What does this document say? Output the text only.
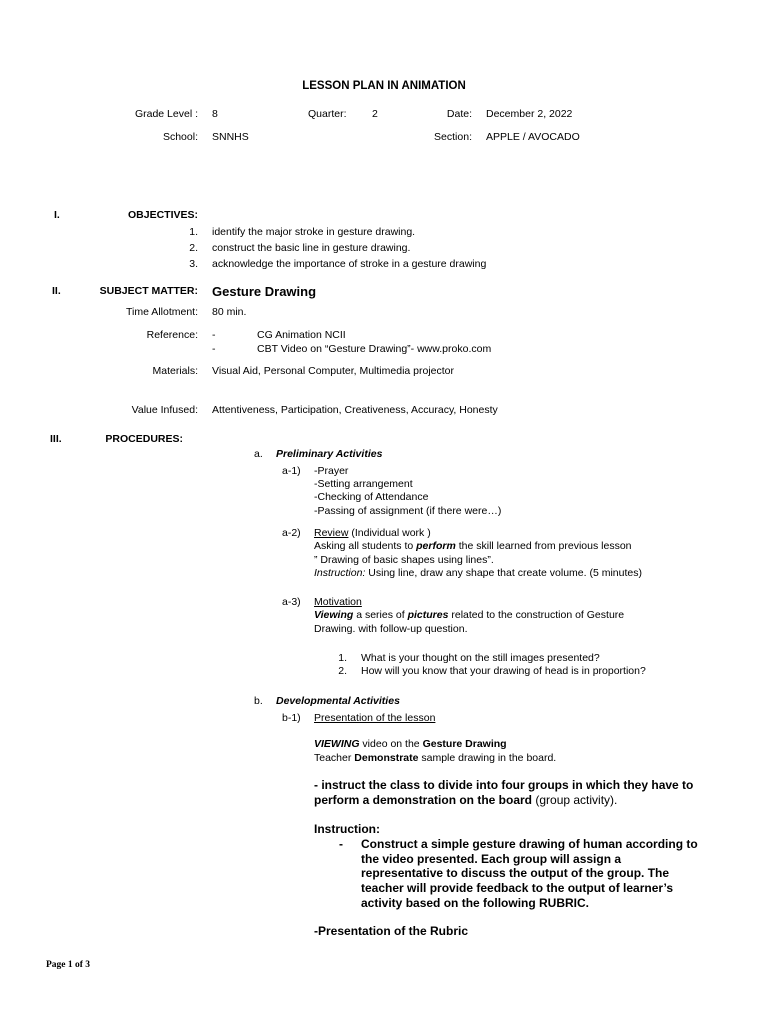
LESSON PLAN IN ANIMATION
Grade Level : 8	Quarter: 2	Date: December 2, 2022
School: SNNHS	Section: APPLE / AVOCADO
I.	OBJECTIVES:
1. identify the major stroke in gesture drawing.
2. construct the basic line in gesture drawing.
3. acknowledge the importance of stroke in a gesture drawing
II.	SUBJECT MATTER: Gesture Drawing
Time Allotment: 80 min.
Reference: -	CG Animation NCII
-	CBT Video on “Gesture Drawing”- www.proko.com
Materials: Visual Aid, Personal Computer, Multimedia projector
Value Infused: Attentiveness, Participation, Creativeness, Accuracy, Honesty
III.	PROCEDURES:
a. Preliminary Activities
a-1) -Prayer
-Setting arrangement
-Checking of Attendance
-Passing of assignment (if there were…)
a-2) Review (Individual work )
Asking all students to perform the skill learned from previous lesson
” Drawing of basic shapes using lines”.
Instruction: Using line, draw any shape that create volume. (5 minutes)
a-3) Motivation
Viewing a series of pictures related to the construction of Gesture
Drawing. with follow-up question.
1. What is your thought on the still images presented?
2. How will you know that your drawing of head is in proportion?
b. Developmental Activities
b-1) Presentation of the lesson
VIEWING video on the Gesture Drawing
Teacher Demonstrate sample drawing in the board.
- instruct the class to divide into four groups in which they have to
perform a demonstration on the board (group activity).
Instruction:
- Construct a simple gesture drawing of human according to
the video presented. Each group will assign a
representative to discuss the output of the group. The
teacher will provide feedback to the output of learner’s
activity based on the following RUBRIC.
-Presentation of the Rubric
Page 1 of 3
